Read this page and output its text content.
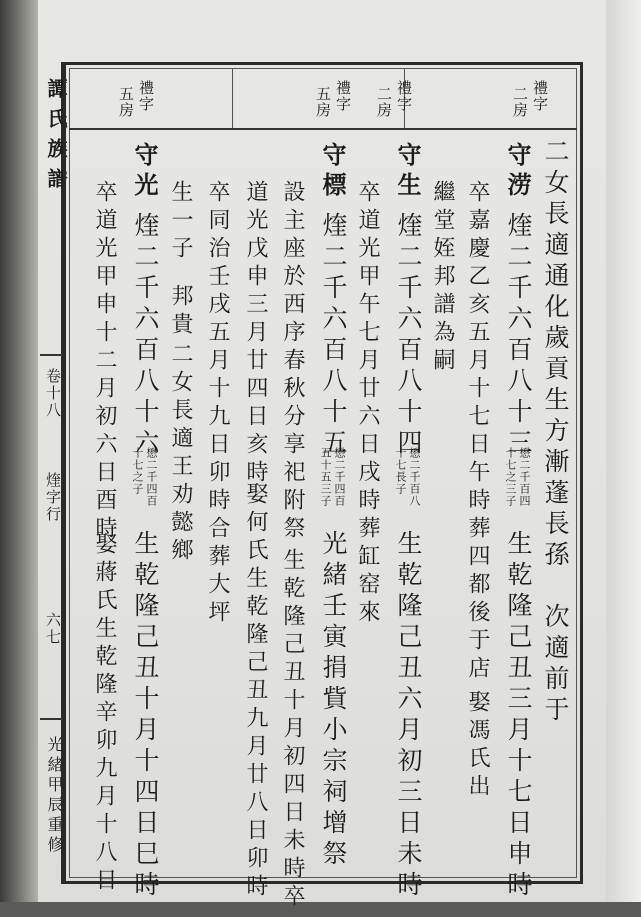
譚氏族譜
卷十八
煃字行
六七
光緒甲辰重修
禮字
二房
禮字
二房
禮字
五房
禮字
五房
二女長適通化歲貢生方漸蓬長孫　次適前于
守涝
煃二千六百八十三
懋二千百四
十七之三子
生乾隆己丑三月十七日申時
卒嘉慶乙亥五月十七日午時葬四都後于店
娶馮氏出
繼堂姪邦譜為嗣
守生
煃二千六百八十四
懋二千百八
十七長子
生乾隆己丑六月初三日未時
卒道光甲午七月廿六日戌時葬缸窑來
守標
煃二千六百八十五
懋二千四百
五十五三子
光緒壬寅捐貲小宗祠增祭
設主座於西序春秋分享祀附祭
生乾隆己丑十月初四日未時卒
道光戊申三月廿四日亥時
娶何氏生乾隆己丑九月廿八日卯時
卒同治壬戌五月十九日卯時合葬大坪
生一子
邦貴
二女長適王
劝懿鄉
守光
煃二千六百八十六
懋二千四百
十七之子
生乾隆己丑十月十四日巳時
卒道光甲申十二月初六日酉時
娶蔣氏生乾隆辛卯九月十八日
